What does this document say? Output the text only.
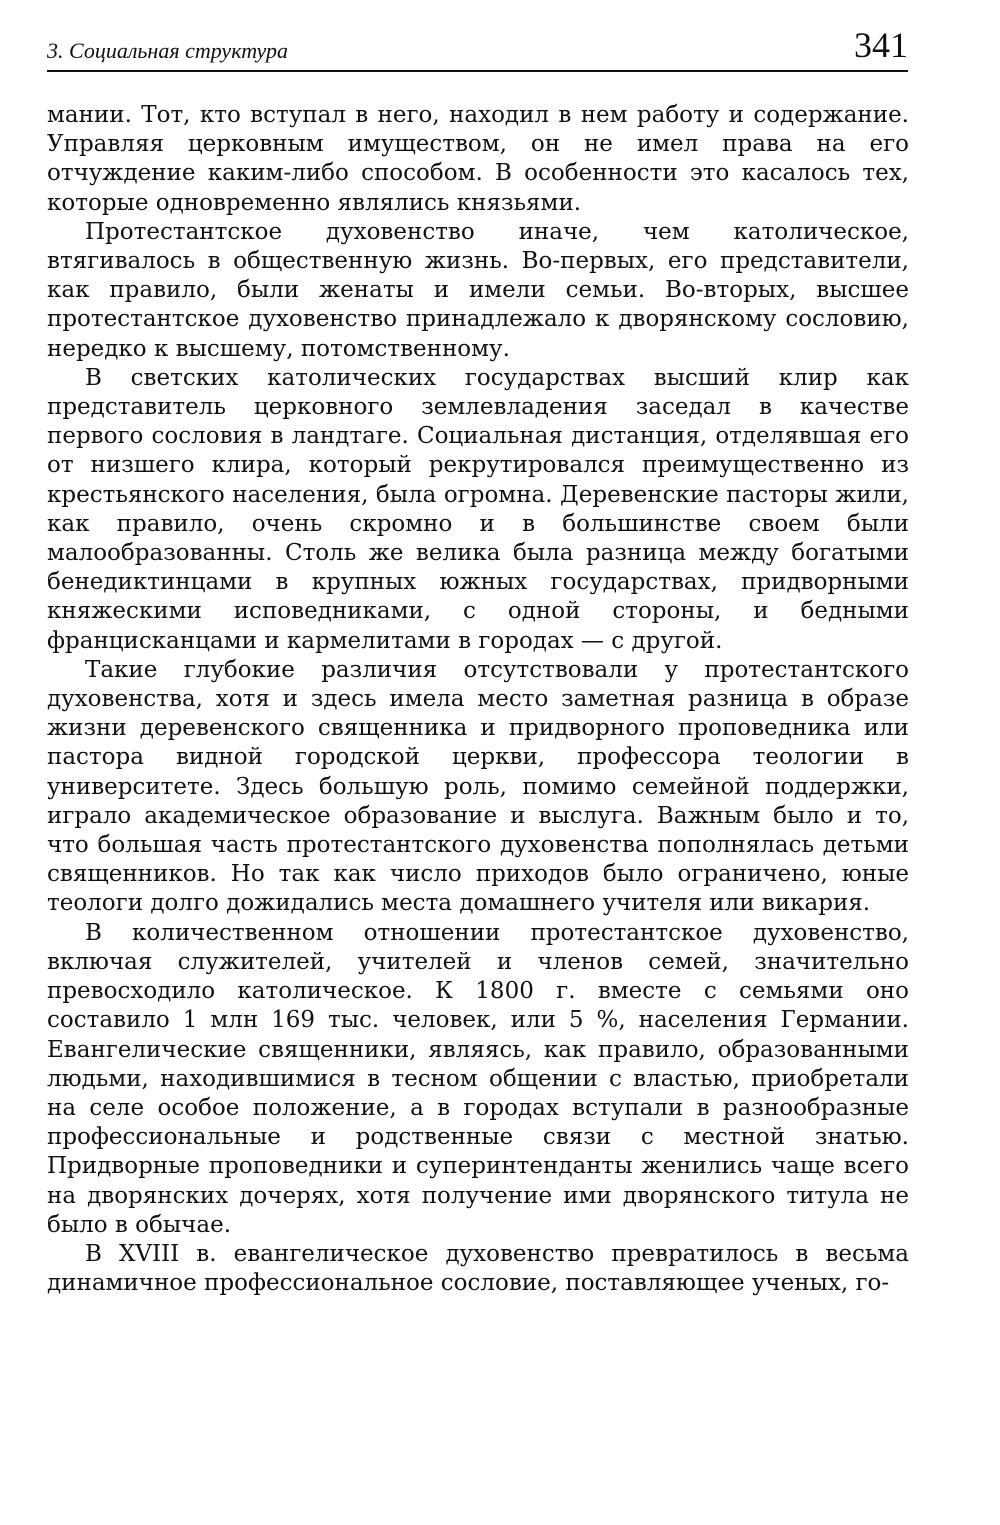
3. Социальная структура	341

мании. Тот, кто вступал в него, находил в нем работу и содержание. Управляя церковным имуществом, он не имел права на его отчуждение каким-либо способом. В особенности это касалось тех, которые одновременно являлись князьями.

Протестантское духовенство иначе, чем католическое, втягивалось в общественную жизнь. Во-первых, его представители, как правило, были женаты и имели семьи. Во-вторых, высшее протестантское духовенство принадлежало к дворянскому сословию, нередко к высшему, потомственному.

В светских католических государствах высший клир как представитель церковного землевладения заседал в качестве первого сословия в ландтаге. Социальная дистанция, отделявшая его от низшего клира, который рекрутировался преимущественно из крестьянского населения, была огромна. Деревенские пасторы жили, как правило, очень скромно и в большинстве своем были малообразованны. Столь же велика была разница между богатыми бенедиктинцами в крупных южных государствах, придворными княжескими исповедниками, с одной стороны, и бедными францисканцами и кармелитами в городах — с другой.

Такие глубокие различия отсутствовали у протестантского духовенства, хотя и здесь имела место заметная разница в образе жизни деревенского священника и придворного проповедника или пастора видной городской церкви, профессора теологии в университете. Здесь большую роль, помимо семейной поддержки, играло академическое образование и выслуга. Важным было и то, что большая часть протестантского духовенства пополнялась детьми священников. Но так как число приходов было ограничено, юные теологи долго дожидались места домашнего учителя или викария.

В количественном отношении протестантское духовенство, включая служителей, учителей и членов семей, значительно превосходило католическое. К 1800 г. вместе с семьями оно составило 1 млн 169 тыс. человек, или 5 %, населения Германии. Евангелические священники, являясь, как правило, образованными людьми, находившимися в тесном общении с властью, приобретали на селе особое положение, а в городах вступали в разнообразные профессиональные и родственные связи с местной знатью. Придворные проповедники и суперинтенданты женились чаще всего на дворянских дочерях, хотя получение ими дворянского титула не было в обычае.

В XVIII в. евангелическое духовенство превратилось в весьма динамичное профессиональное сословие, поставляющее ученых, го-
